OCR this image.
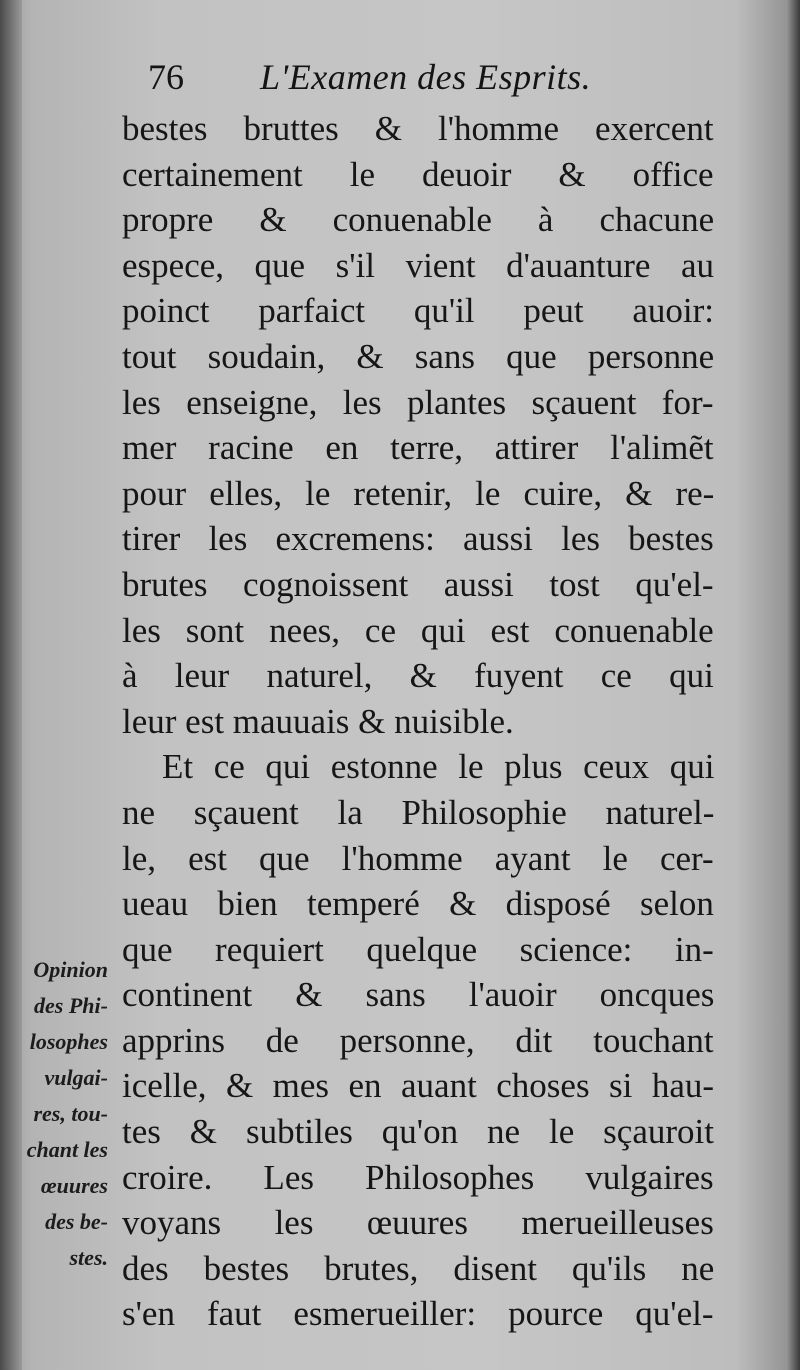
76 L'Examen des Esprits.
bestes bruttes & l'homme exercent
certainement le deuoir & office
propre & conuenable à chacune
espece, que s'il vient d'auanture au
poinct parfaict qu'il peut auoir:
tout soudain, & sans que personne
les enseigne, les plantes sçauent for-
mer racine en terre, attirer l'alimẽt
pour elles, le retenir, le cuire, & re-
tirer les excremens: aussi les bestes
brutes cognoissent aussi tost qu'el-
les sont nees, ce qui est conuenable
à leur naturel, & fuyent ce qui
leur est mauuais & nuisible.
Et ce qui estonne le plus ceux qui
ne sçauent la Philosophie naturel-
le, est que l'homme ayant le cer-
ueau bien temperé & disposé selon
que requiert quelque science: in-
continent & sans l'auoir oncques
apprins de personne, dit touchant
icelle, & mes en auant choses si hau-
tes & subtiles qu'on ne le sçauroit
croire. Les Philosophes vulgaires
voyans les œuures merueilleuses
des bestes brutes, disent qu'ils ne
s'en faut esmerueiller: pource qu'el-
Opinion
des Phi-
losophes
vulgai-
res, tou-
chant les
œuures
des be-
stes.
